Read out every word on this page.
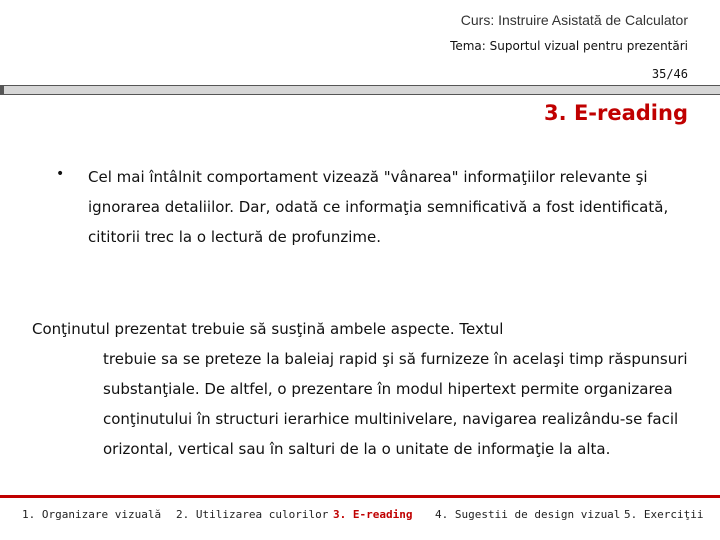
Curs: Instruire Asistată de Calculator
Tema: Suportul vizual pentru prezentări
35/46
3. E-reading
• Cel mai întâlnit comportament vizează "vânarea" informaţiilor relevante şi ignorarea detaliilor. Dar, odată ce informaţia semnificativă a fost identificată, cititorii trec la o lectură de profunzime.
Conţinutul prezentat trebuie să susţină ambele aspecte. Textul
trebuie sa se preteze la baleiaj rapid şi să furnizeze în acelaşi timp răspunsuri substanţiale. De altfel, o prezentare în modul hipertext permite organizarea conţinutului în structuri ierarhice multinivelare, navigarea realizându-se facil orizontal, vertical sau în salturi de la o unitate de informaţie la alta.
1. Organizare vizuală 2. Utilizarea culorilor 3. E-reading 4. Sugestii de design vizual 5. Exerciţii
